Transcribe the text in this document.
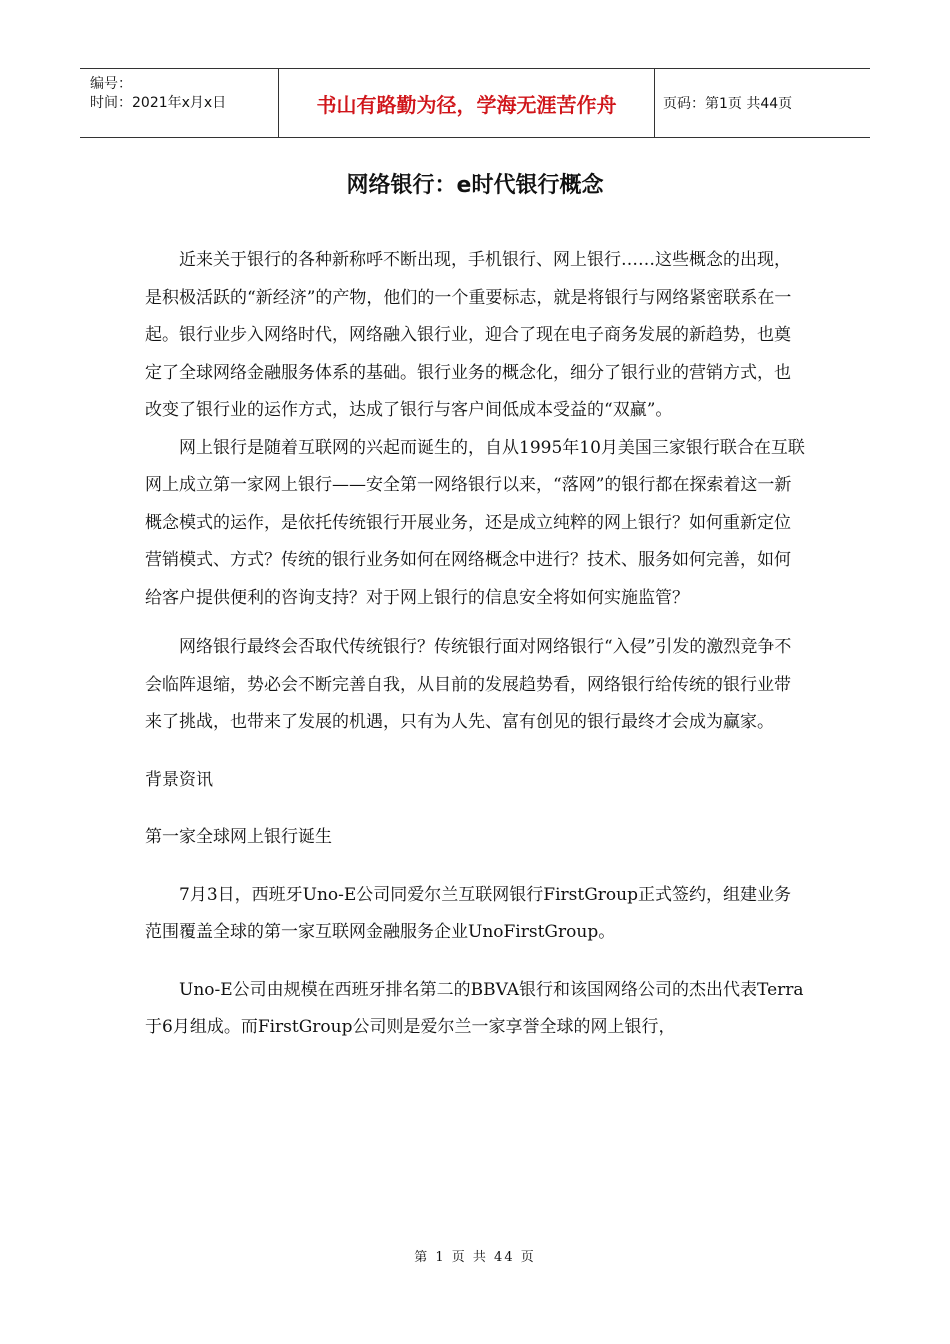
编号：
时间：2021年x月x日	书山有路勤为径，学海无涯苦作舟	页码：第1页 共44页
网络银行：e时代银行概念

近来关于银行的各种新称呼不断出现，手机银行、网上银行……这些概念的出现，是积极活跃的“新经济”的产物，他们的一个重要标志，就是将银行与网络紧密联系在一起。银行业步入网络时代，网络融入银行业，迎合了现在电子商务发展的新趋势，也奠定了全球网络金融服务体系的基础。银行业务的概念化，细分了银行业的营销方式，也改变了银行业的运作方式，达成了银行与客户间低成本受益的“双赢”。

网上银行是随着互联网的兴起而诞生的，自从1995年10月美国三家银行联合在互联网上成立第一家网上银行——安全第一网络银行以来，“落网”的银行都在探索着这一新概念模式的运作，是依托传统银行开展业务，还是成立纯粹的网上银行？如何重新定位营销模式、方式？传统的银行业务如何在网络概念中进行？技术、服务如何完善，如何给客户提供便利的咨询支持？对于网上银行的信息安全将如何实施监管？

网络银行最终会否取代传统银行？传统银行面对网络银行“入侵”引发的激烈竞争不会临阵退缩，势必会不断完善自我，从目前的发展趋势看，网络银行给传统的银行业带来了挑战，也带来了发展的机遇，只有为人先、富有创见的银行最终才会成为赢家。

背景资讯

第一家全球网上银行诞生

7月3日，西班牙Uno-E公司同爱尔兰互联网银行FirstGroup正式签约，组建业务范围覆盖全球的第一家互联网金融服务企业UnoFirstGroup。

Uno-E公司由规模在西班牙排名第二的BBVA银行和该国网络公司的杰出代表Terra于6月组成。而FirstGroup公司则是爱尔兰一家享誉全球的网上银行，

第 1 页 共 44 页
